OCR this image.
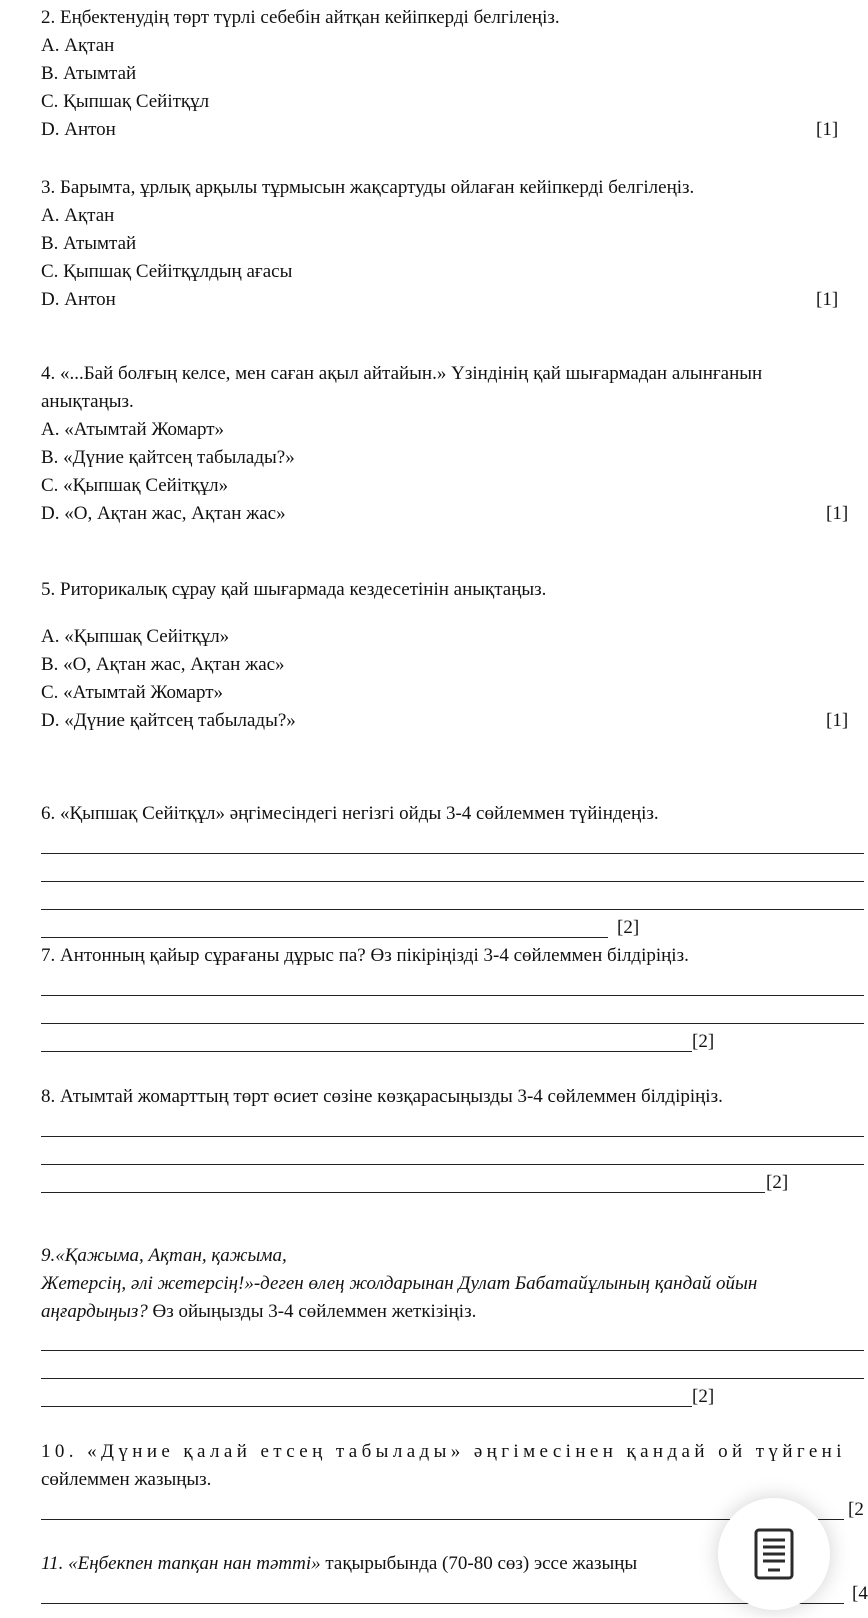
2. Еңбектенудің төрт түрлі себебін айтқан кейіпкерді белгілеңіз.
A. Ақтан
B. Атымтай
C. Қыпшақ Сейітқұл
D. Антон	[1]
3. Барымта, ұрлық арқылы тұрмысын жақсартуды ойлаған кейіпкерді белгілеңіз.
A. Ақтан
B. Атымтай
C. Қыпшақ Сейітқұлдың ағасы
D. Антон	[1]
4. «...Бай болғың келсе, мен саған ақыл айтайын.» Үзіндінің қай шығармадан алынғанын
анықтаңыз.
A. «Атымтай Жомарт»
B. «Дүние қайтсең табылады?»
C. «Қыпшақ Сейітқұл»
D. «О, Ақтан жас, Ақтан жас»	[1]
5. Риторикалық сұрау қай шығармада кездесетінін анықтаңыз.
A. «Қыпшақ Сейітқұл»
B. «О, Ақтан жас, Ақтан жас»
C. «Атымтай Жомарт»
D. «Дүние қайтсең табылады?»	[1]
6. «Қыпшақ Сейітқұл» әңгімесіндегі негізгі ойды 3-4 сөйлеммен түйіндеңіз.
[2]
7. Антонның қайыр сұрағаны дұрыс па? Өз пікіріңізді 3-4 сөйлеммен білдіріңіз.
[2]
8. Атымтай жомарттың төрт өсиет сөзіне көзқарасыңызды 3-4 сөйлеммен білдіріңіз.
[2]
9.«Қажыма, Ақтан, қажыма,
Жетерсің, әлі жетерсің!»-деген өлең жолдарынан Дулат Бабатайұлының қандай ойын
аңғардыңыз? Өз ойыңызды 3-4 сөйлеммен жеткізіңіз.
[2]
10. «Дүние қалай етсең табылады» әңгімесінен қандай ой түйгені
сөйлеммен жазыңыз.
[2
11. «Еңбекпен тапқан нан тәтті» тақырыбында (70-80 сөз) эссе жазыңы
[4
